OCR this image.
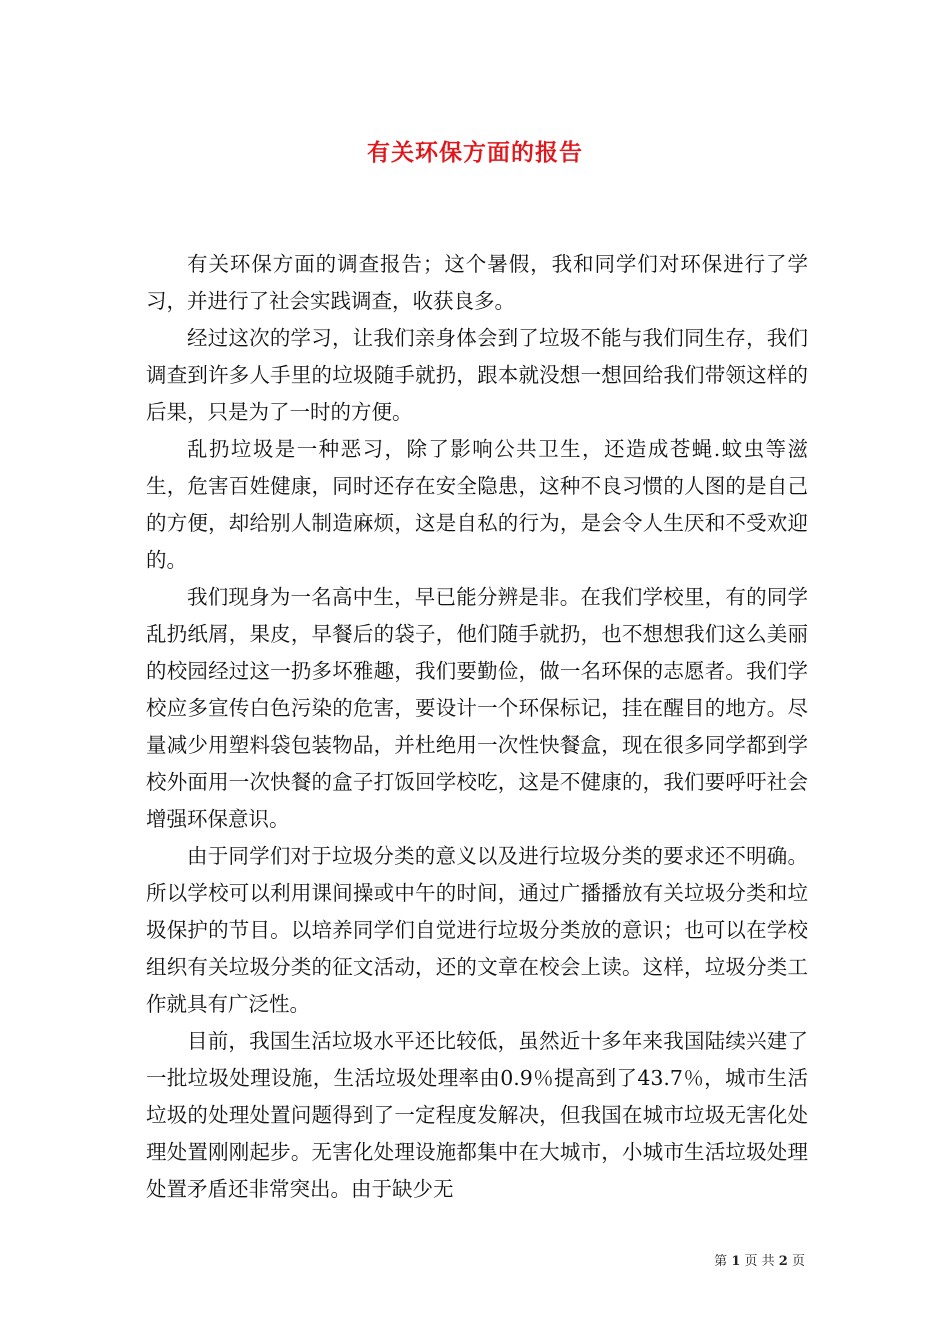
有关环保方面的报告

有关环保方面的调查报告；这个暑假，我和同学们对环保进行了学习，并进行了社会实践调查，收获良多。

经过这次的学习，让我们亲身体会到了垃圾不能与我们同生存，我们调查到许多人手里的垃圾随手就扔，跟本就没想一想回给我们带领这样的后果，只是为了一时的方便。

乱扔垃圾是一种恶习，除了影响公共卫生，还造成苍蝇.蚊虫等滋生，危害百姓健康，同时还存在安全隐患，这种不良习惯的人图的是自己的方便，却给别人制造麻烦，这是自私的行为，是会令人生厌和不受欢迎的。

我们现身为一名高中生，早已能分辨是非。在我们学校里，有的同学乱扔纸屑，果皮，早餐后的袋子，他们随手就扔，也不想想我们这么美丽的校园经过这一扔多坏雅趣，我们要勤俭，做一名环保的志愿者。我们学校应多宣传白色污染的危害，要设计一个环保标记，挂在醒目的地方。尽量减少用塑料袋包装物品，并杜绝用一次性快餐盒，现在很多同学都到学校外面用一次快餐的盒子打饭回学校吃，这是不健康的，我们要呼吁社会增强环保意识。

由于同学们对于垃圾分类的意义以及进行垃圾分类的要求还不明确。所以学校可以利用课间操或中午的时间，通过广播播放有关垃圾分类和垃圾保护的节目。以培养同学们自觉进行垃圾分类放的意识；也可以在学校组织有关垃圾分类的征文活动，还的文章在校会上读。这样，垃圾分类工作就具有广泛性。

目前，我国生活垃圾水平还比较低，虽然近十多年来我国陆续兴建了一批垃圾处理设施，生活垃圾处理率由0.9％提高到了43.7％，城市生活垃圾的处理处置问题得到了一定程度发解决，但我国在城市垃圾无害化处理处置刚刚起步。无害化处理设施都集中在大城市，小城市生活垃圾处理处置矛盾还非常突出。由于缺少无

第 1 页 共 2 页
